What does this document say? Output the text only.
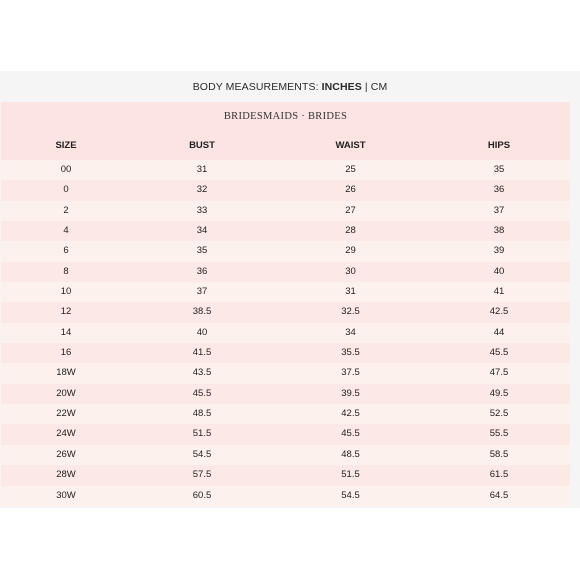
BODY MEASUREMENTS: INCHES | CM
BRIDESMAIDS · BRIDES
SIZE	BUST	WAIST	HIPS
00	31	25	35
0	32	26	36
2	33	27	37
4	34	28	38
6	35	29	39
8	36	30	40
10	37	31	41
12	38.5	32.5	42.5
14	40	34	44
16	41.5	35.5	45.5
18W	43.5	37.5	47.5
20W	45.5	39.5	49.5
22W	48.5	42.5	52.5
24W	51.5	45.5	55.5
26W	54.5	48.5	58.5
28W	57.5	51.5	61.5
30W	60.5	54.5	64.5
